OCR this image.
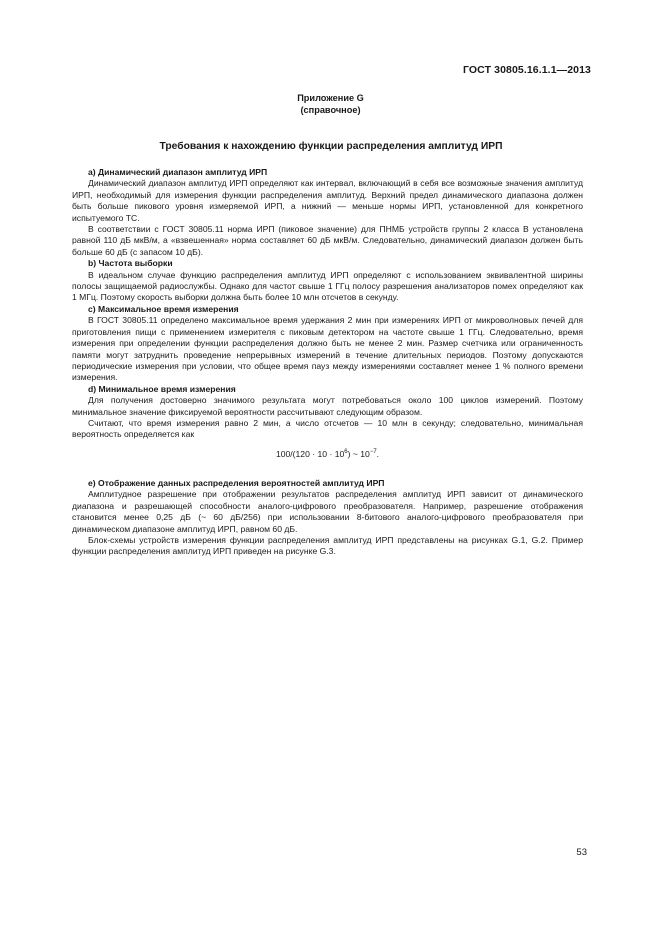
ГОСТ 30805.16.1.1—2013
Приложение G
(справочное)
Требования к нахождению функции распределения амплитуд ИРП
а) Динамический диапазон амплитуд ИРП
Динамический диапазон амплитуд ИРП определяют как интервал, включающий в себя все возможные значения амплитуд ИРП, необходимый для измерения функции распределения амплитуд. Верхний предел динамического диапазона должен быть больше пикового уровня измеряемой ИРП, а нижний — меньше нормы ИРП, установленной для конкретного испытуемого ТС.
В соответствии с ГОСТ 30805.11 норма ИРП (пиковое значение) для ПНМБ устройств группы 2 класса В установлена равной 110 дБ мкВ/м, а «взвешенная» норма составляет 60 дБ мкВ/м. Следовательно, динамический диапазон должен быть больше 60 дБ (с запасом 10 дБ).
b) Частота выборки
В идеальном случае функцию распределения амплитуд ИРП определяют с использованием эквивалентной ширины полосы защищаемой радиослужбы. Однако для частот свыше 1 ГГц полосу разрешения анализаторов помех определяют как 1 МГц. Поэтому скорость выборки должна быть более 10 млн отсчетов в секунду.
с) Максимальное время измерения
В ГОСТ 30805.11 определено максимальное время удержания 2 мин при измерениях ИРП от микроволновых печей для приготовления пищи с применением измерителя с пиковым детектором на частоте свыше 1 ГГц. Следовательно, время измерения при определении функции распределения должно быть не менее 2 мин. Размер счетчика или ограниченность памяти могут затруднить проведение непрерывных измерений в течение длительных периодов. Поэтому допускаются периодические измерения при условии, что общее время пауз между измерениями составляет менее 1 % полного времени измерения.
d) Минимальное время измерения
Для получения достоверно значимого результата могут потребоваться около 100 циклов измерений. Поэтому минимальное значение фиксируемой вероятности рассчитывают следующим образом.
Считают, что время измерения равно 2 мин, а число отсчетов — 10 млн в секунду; следовательно, минимальная вероятность определяется как
$100/(120 \cdot 10 \cdot 10^6)$ ~ $10^{-7}$.
е) Отображение данных распределения вероятностей амплитуд ИРП
Амплитудное разрешение при отображении результатов распределения амплитуд ИРП зависит от динамического диапазона и разрешающей способности аналого-цифрового преобразователя. Например, разрешение отображения становится менее 0,25 дБ (~ 60 дБ/256) при использовании 8-битового аналого-цифрового преобразователя при динамическом диапазоне амплитуд ИРП, равном 60 дБ.
Блок-схемы устройств измерения функции распределения амплитуд ИРП представлены на рисунках G.1, G.2. Пример функции распределения амплитуд ИРП приведен на рисунке G.3.
53
